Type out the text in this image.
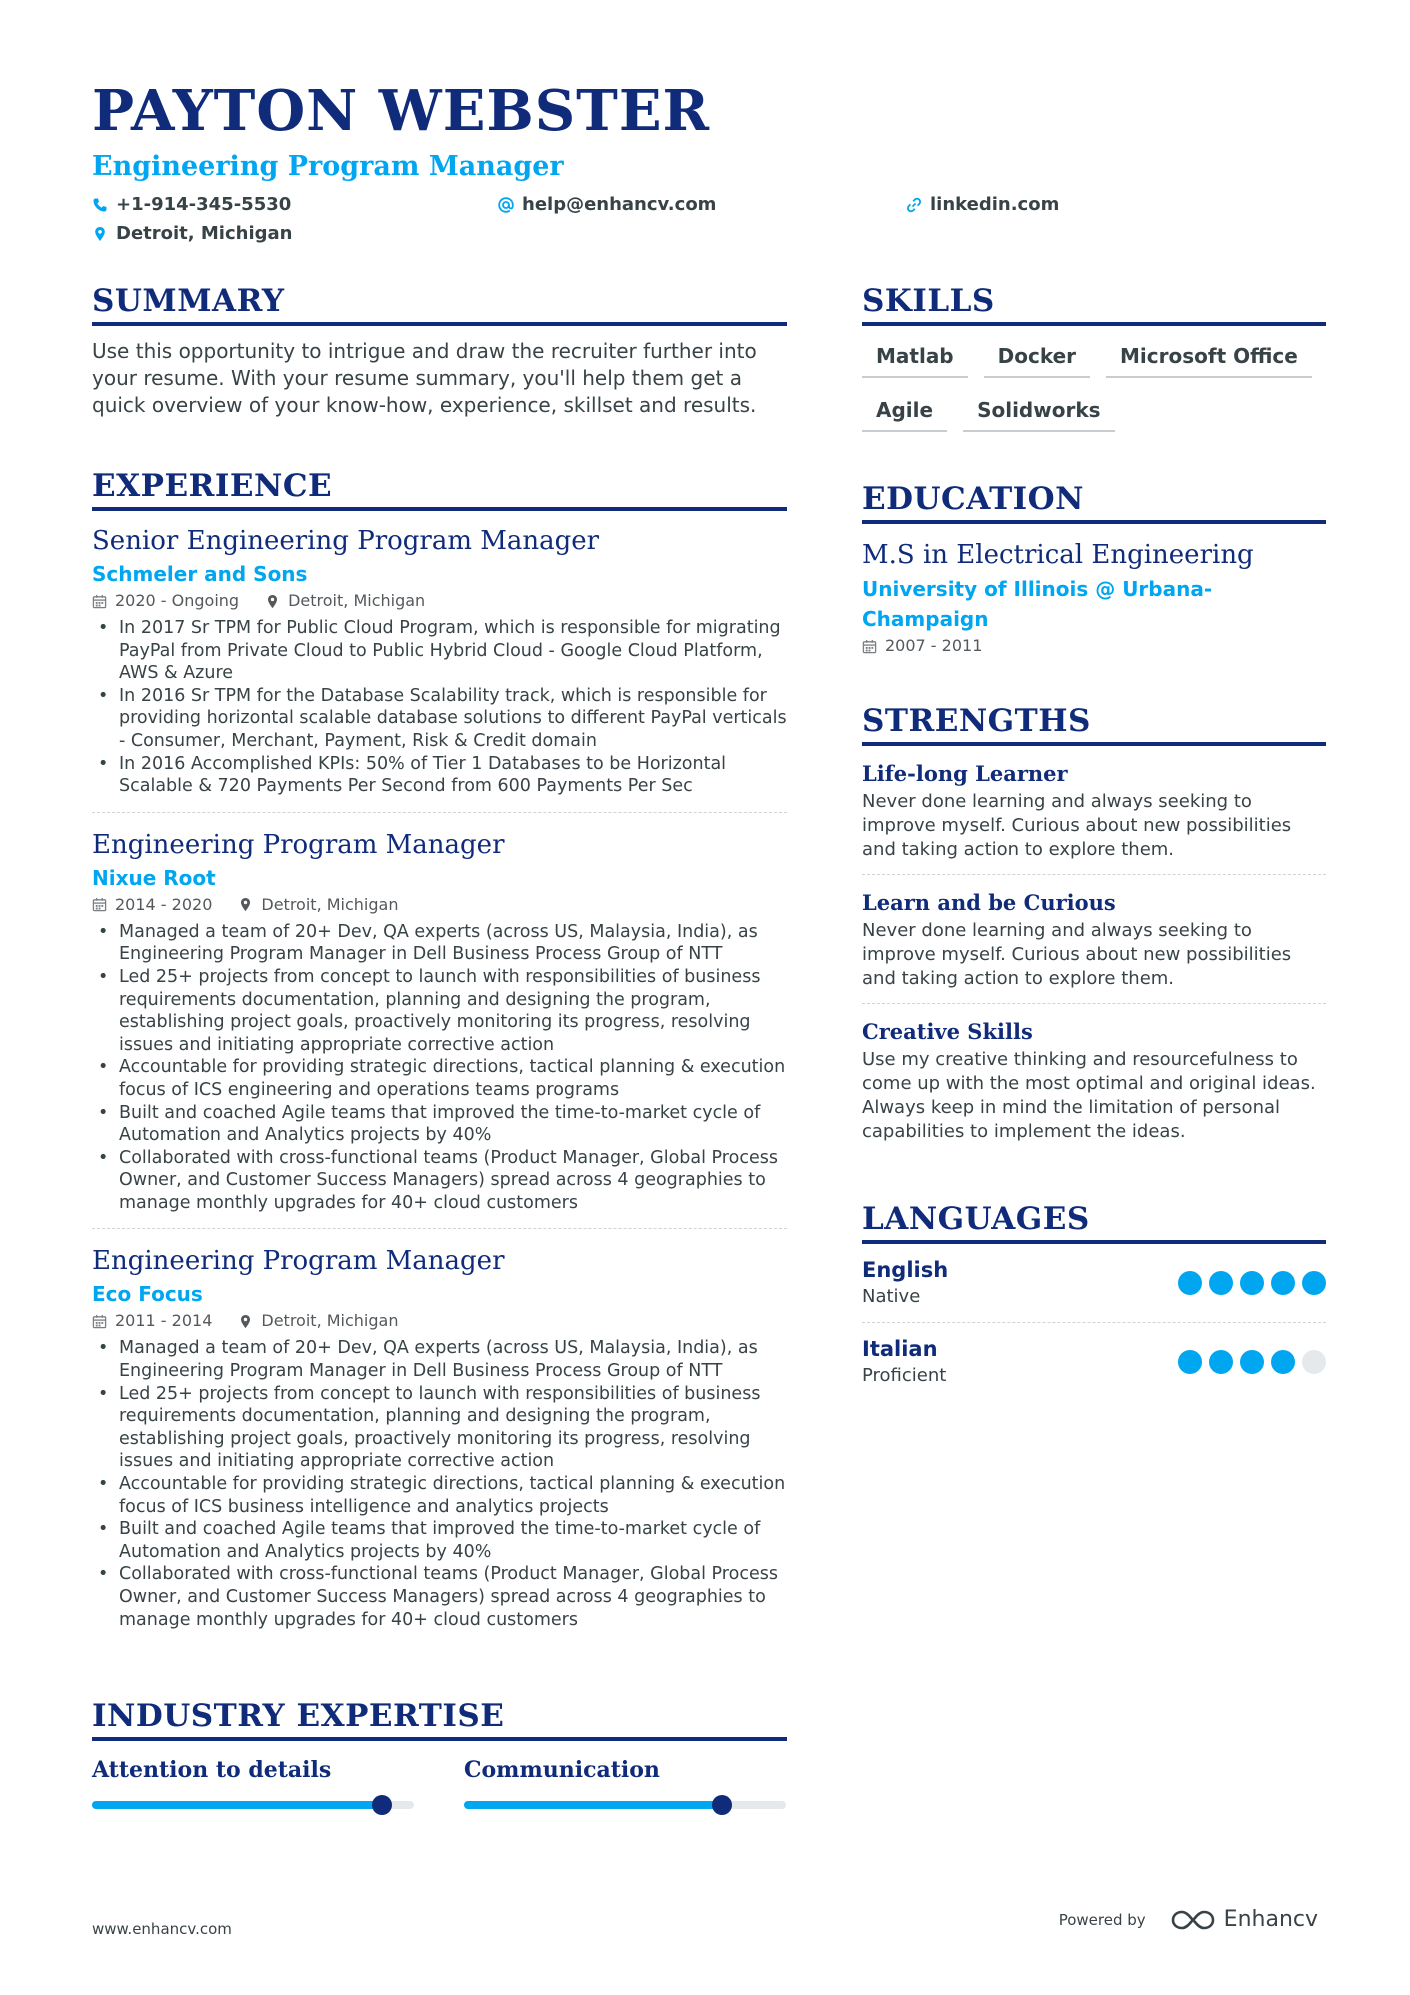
PAYTON WEBSTER
Engineering Program Manager
+1-914-345-5530	help@enhancv.com	linkedin.com
Detroit, Michigan
SUMMARY

Use this opportunity to intrigue and draw the recruiter further into your resume. With your resume summary, you'll help them get a quick overview of your know-how, experience, skillset and results.

EXPERIENCE
Senior Engineering Program Manager
Schmeler and Sons
2020 - Ongoing	Detroit, Michigan
• In 2017 Sr TPM for Public Cloud Program, which is responsible for migrating PayPal from Private Cloud to Public Hybrid Cloud - Google Cloud Platform, AWS & Azure
• In 2016 Sr TPM for the Database Scalability track, which is responsible for providing horizontal scalable database solutions to different PayPal verticals - Consumer, Merchant, Payment, Risk & Credit domain
• In 2016 Accomplished KPIs: 50% of Tier 1 Databases to be Horizontal Scalable & 720 Payments Per Second from 600 Payments Per Sec
Engineering Program Manager
Nixue Root
2014 - 2020	Detroit, Michigan
• Managed a team of 20+ Dev, QA experts (across US, Malaysia, India), as Engineering Program Manager in Dell Business Process Group of NTT
• Led 25+ projects from concept to launch with responsibilities of business requirements documentation, planning and designing the program, establishing project goals, proactively monitoring its progress, resolving issues and initiating appropriate corrective action
• Accountable for providing strategic directions, tactical planning & execution focus of ICS engineering and operations teams programs
• Built and coached Agile teams that improved the time-to-market cycle of Automation and Analytics projects by 40%
• Collaborated with cross-functional teams (Product Manager, Global Process Owner, and Customer Success Managers) spread across 4 geographies to manage monthly upgrades for 40+ cloud customers
Engineering Program Manager
Eco Focus
2011 - 2014	Detroit, Michigan
• Managed a team of 20+ Dev, QA experts (across US, Malaysia, India), as Engineering Program Manager in Dell Business Process Group of NTT
• Led 25+ projects from concept to launch with responsibilities of business requirements documentation, planning and designing the program, establishing project goals, proactively monitoring its progress, resolving issues and initiating appropriate corrective action
• Accountable for providing strategic directions, tactical planning & execution focus of ICS business intelligence and analytics projects
• Built and coached Agile teams that improved the time-to-market cycle of Automation and Analytics projects by 40%
• Collaborated with cross-functional teams (Product Manager, Global Process Owner, and Customer Success Managers) spread across 4 geographies to manage monthly upgrades for 40+ cloud customers
INDUSTRY EXPERTISE
Attention to details	Communication
SKILLS
Matlab	Docker	Microsoft Office
Agile	Solidworks
EDUCATION
M.S in Electrical Engineering
University of Illinois @ Urbana-Champaign
2007 - 2011
STRENGTHS
Life-long Learner
Never done learning and always seeking to improve myself. Curious about new possibilities and taking action to explore them.
Learn and be Curious
Never done learning and always seeking to improve myself. Curious about new possibilities and taking action to explore them.
Creative Skills
Use my creative thinking and resourcefulness to come up with the most optimal and original ideas. Always keep in mind the limitation of personal capabilities to implement the ideas.
LANGUAGES
English
Native
Italian
Proficient
www.enhancv.com
Powered by	Enhancv
